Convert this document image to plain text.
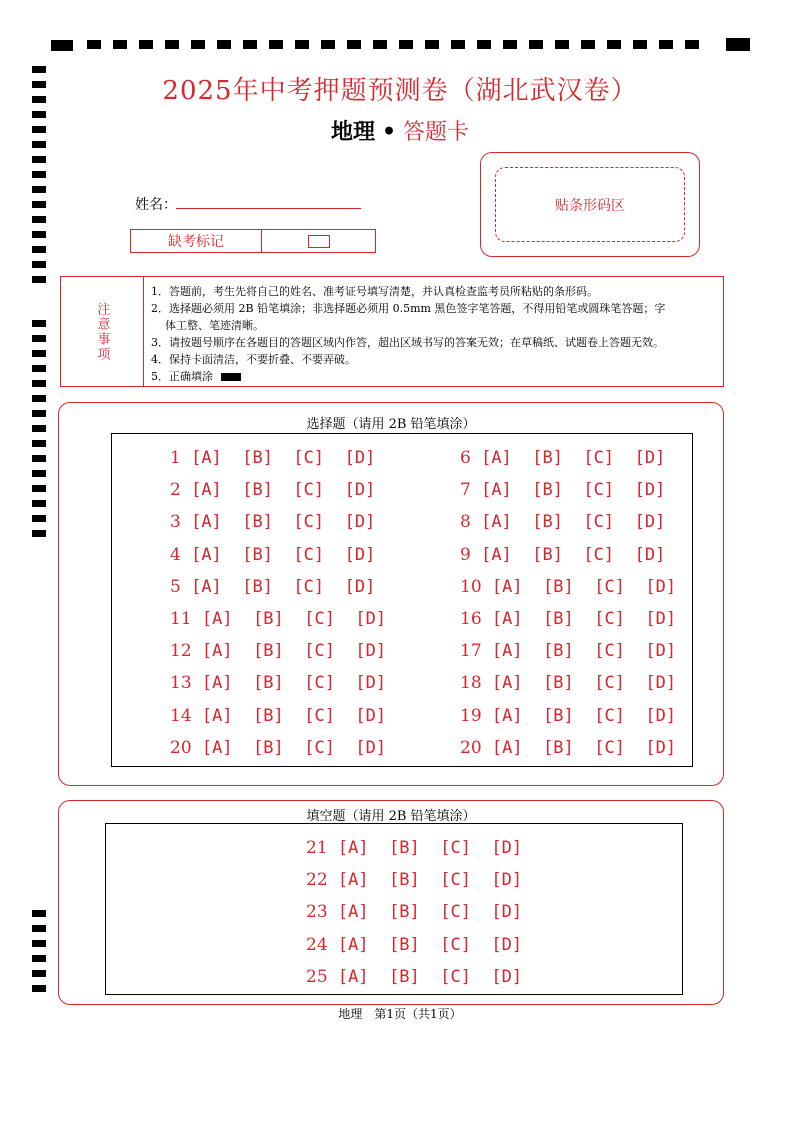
2025年中考押题预测卷（湖北武汉卷）
地理 • 答题卡
贴条形码区
姓名：
缺考标记
注意事项
1．答题前，考生先将自己的姓名、准考证号填写清楚，并认真检查监考员所粘贴的条形码。
2．选择题必须用 2B 铅笔填涂；非选择题必须用 0.5mm 黑色签字笔答题，不得用铅笔或圆珠笔答题；字
体工整、笔迹清晰。
3．请按题号顺序在各题目的答题区域内作答，超出区域书写的答案无效；在草稿纸、试题卷上答题无效。
4．保持卡面清洁，不要折叠、不要弄破。
5．正确填涂
选择题（请用 2B 铅笔填涂）
1 [A]  [B]  [C]  [D]
2 [A]  [B]  [C]  [D]
3 [A]  [B]  [C]  [D]
4 [A]  [B]  [C]  [D]
5 [A]  [B]  [C]  [D]
11 [A]  [B]  [C]  [D]
12 [A]  [B]  [C]  [D]
13 [A]  [B]  [C]  [D]
14 [A]  [B]  [C]  [D]
20 [A]  [B]  [C]  [D]
6 [A]  [B]  [C]  [D]
7 [A]  [B]  [C]  [D]
8 [A]  [B]  [C]  [D]
9 [A]  [B]  [C]  [D]
10 [A]  [B]  [C]  [D]
16 [A]  [B]  [C]  [D]
17 [A]  [B]  [C]  [D]
18 [A]  [B]  [C]  [D]
19 [A]  [B]  [C]  [D]
20 [A]  [B]  [C]  [D]
填空题（请用 2B 铅笔填涂）
21 [A]  [B]  [C]  [D]
22 [A]  [B]  [C]  [D]
23 [A]  [B]  [C]  [D]
24 [A]  [B]  [C]  [D]
25 [A]  [B]  [C]  [D]
地理　第1页（共1页）
